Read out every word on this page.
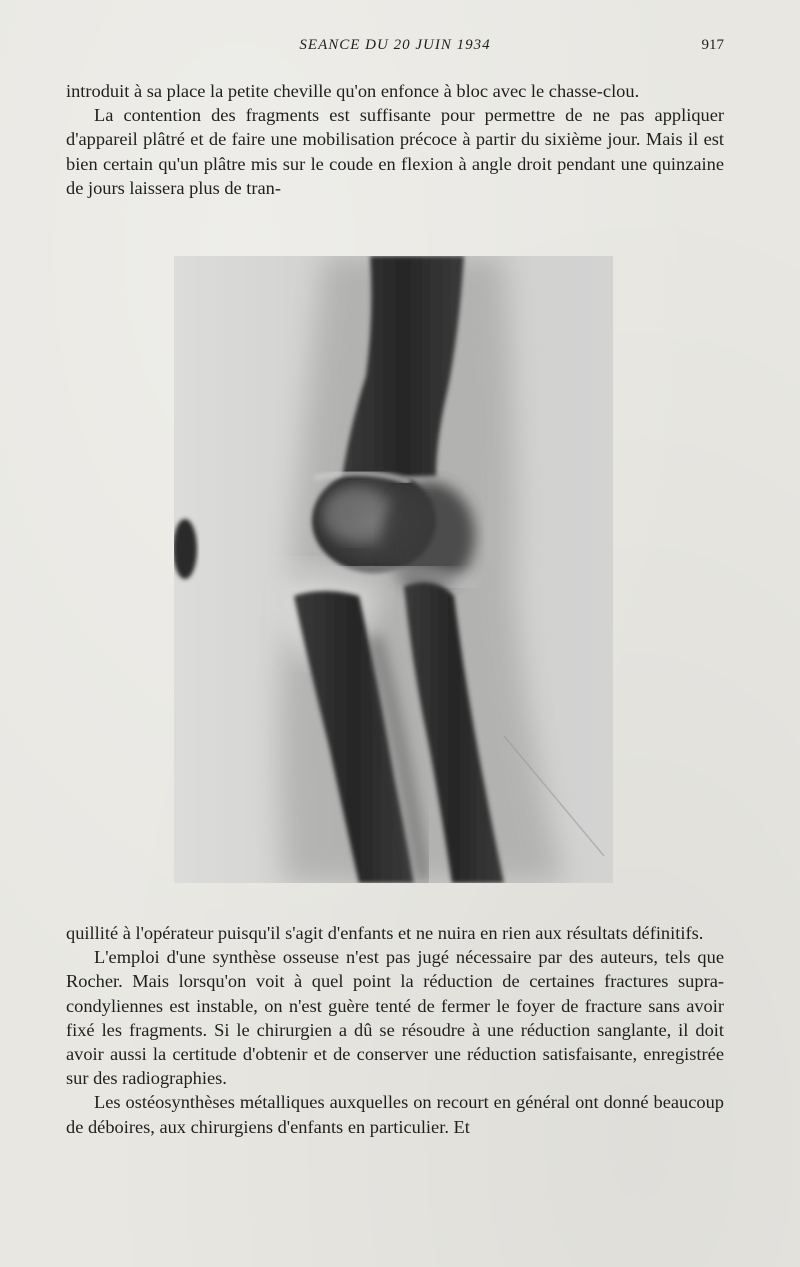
SEANCE DU 20 JUIN 1934	917

introduit à sa place la petite cheville qu'on enfonce à bloc avec le chasse-clou.

La contention des fragments est suffisante pour permettre de ne pas appliquer d'appareil plâtré et de faire une mobilisation précoce à partir du sixième jour. Mais il est bien certain qu'un plâtre mis sur le coude en flexion à angle droit pendant une quinzaine de jours laissera plus de tran-

quillité à l'opérateur puisqu'il s'agit d'enfants et ne nuira en rien aux résultats définitifs.

L'emploi d'une synthèse osseuse n'est pas jugé nécessaire par des auteurs, tels que Rocher. Mais lorsqu'on voit à quel point la réduction de certaines fractures supra-condyliennes est instable, on n'est guère tenté de fermer le foyer de fracture sans avoir fixé les fragments. Si le chirurgien a dû se résoudre à une réduction sanglante, il doit avoir aussi la certitude d'obtenir et de conserver une réduction satisfaisante, enregistrée sur des radiographies.

Les ostéosynthèses métalliques auxquelles on recourt en général ont donné beaucoup de déboires, aux chirurgiens d'enfants en particulier. Et
